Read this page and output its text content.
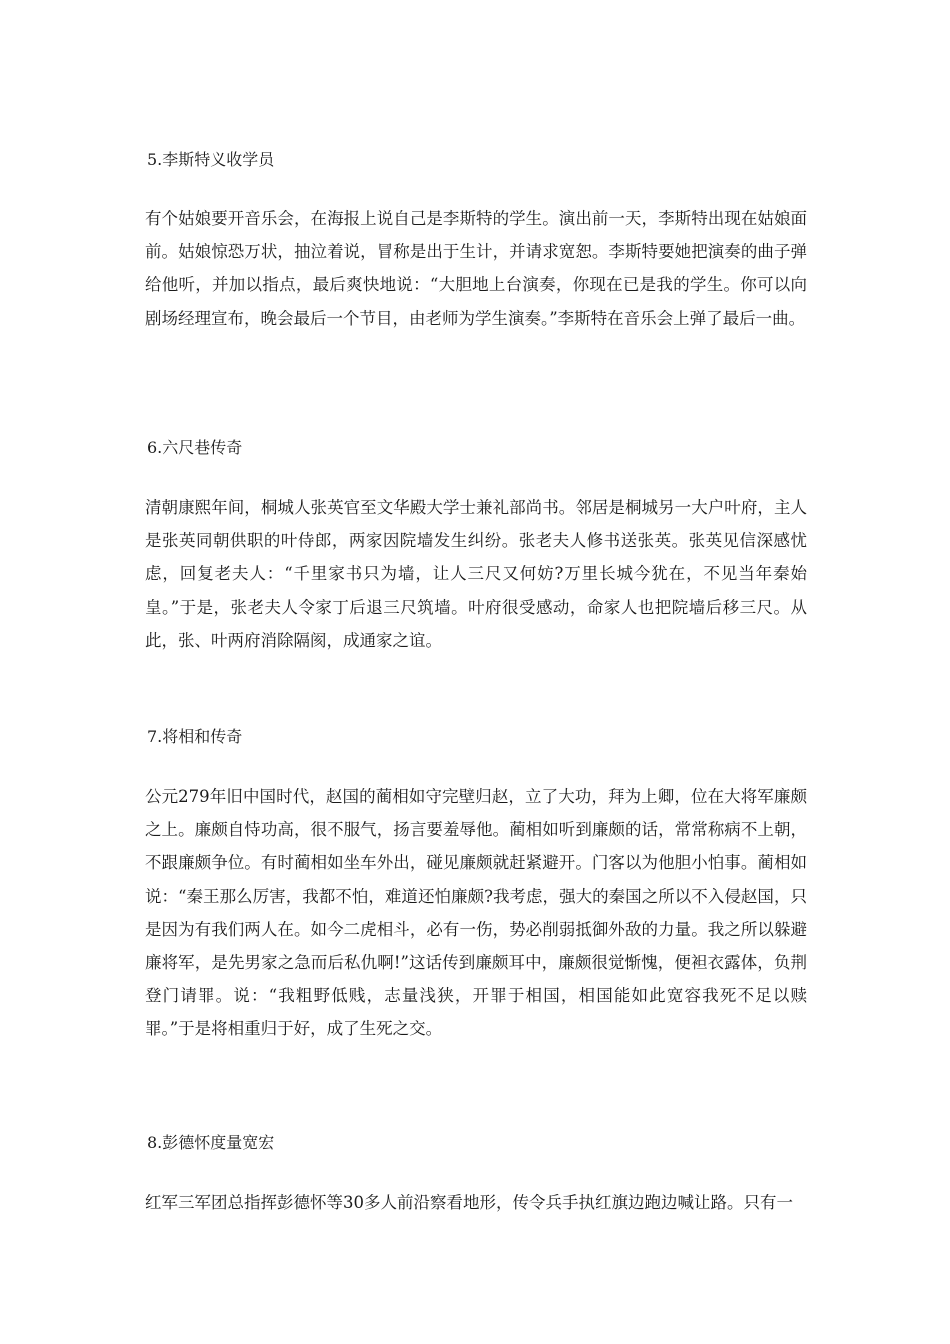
5.李斯特义收学员
有个姑娘要开音乐会，在海报上说自己是李斯特的学生。演出前一天，李斯特出现在姑娘面前。姑娘惊恐万状，抽泣着说，冒称是出于生计，并请求宽恕。李斯特要她把演奏的曲子弹给他听，并加以指点，最后爽快地说：“大胆地上台演奏，你现在已是我的学生。你可以向剧场经理宣布，晚会最后一个节目，由老师为学生演奏。”李斯特在音乐会上弹了最后一曲。
6.六尺巷传奇
清朝康熙年间，桐城人张英官至文华殿大学士兼礼部尚书。邻居是桐城另一大户叶府，主人是张英同朝供职的叶侍郎，两家因院墙发生纠纷。张老夫人修书送张英。张英见信深感忧虑，回复老夫人：“千里家书只为墙，让人三尺又何妨?万里长城今犹在，不见当年秦始皇。”于是，张老夫人令家丁后退三尺筑墙。叶府很受感动，命家人也把院墙后移三尺。从此，张、叶两府消除隔阂，成通家之谊。
7.将相和传奇
公元279年旧中国时代，赵国的蔺相如守完壁归赵，立了大功，拜为上卿，位在大将军廉颇之上。廉颇自恃功高，很不服气，扬言要羞辱他。蔺相如听到廉颇的话，常常称病不上朝，不跟廉颇争位。有时蔺相如坐车外出，碰见廉颇就赶紧避开。门客以为他胆小怕事。蔺相如说：“秦王那么厉害，我都不怕，难道还怕廉颇?我考虑，强大的秦国之所以不入侵赵国，只是因为有我们两人在。如今二虎相斗，必有一伤，势必削弱抵御外敌的力量。我之所以躲避廉将军，是先男家之急而后私仇啊!”这话传到廉颇耳中，廉颇很觉惭愧，便袒衣露体，负荆登门请罪。说：“我粗野低贱，志量浅狭，开罪于相国，相国能如此宽容我死不足以赎罪。”于是将相重归于好，成了生死之交。
8.彭德怀度量宽宏
红军三军团总指挥彭德怀等30多人前沿察看地形，传令兵手执红旗边跑边喊让路。只有一
